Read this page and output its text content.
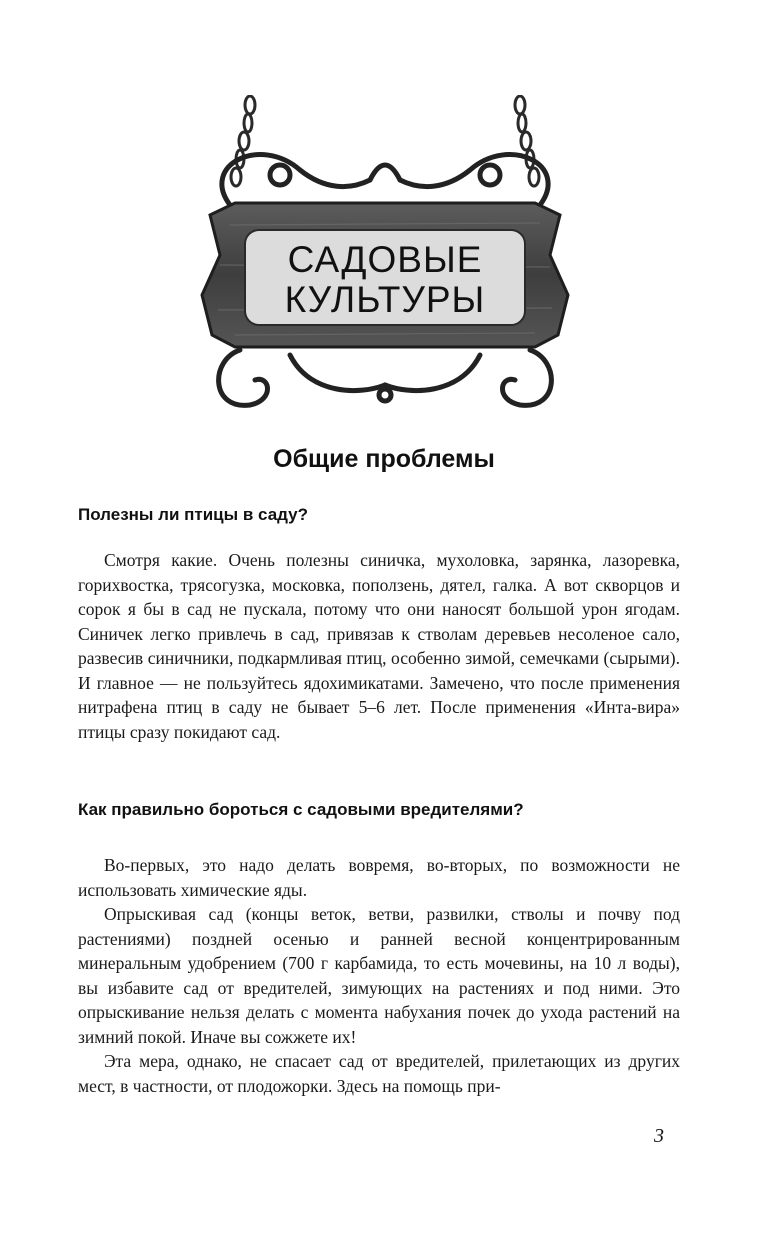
САДОВЫЕ
КУЛЬТУРЫ
Общие проблемы
Полезны ли птицы в саду?

Смотря какие. Очень полезны синичка, мухоловка, зарянка, лазоревка, горихвостка, трясогузка, московка, поползень, дятел, галка. А вот скворцов и сорок я бы в сад не пускала, потому что они наносят большой урон ягодам. Синичек легко привлечь в сад, привязав к стволам деревьев несоленое сало, развесив синичники, подкармливая птиц, особенно зимой, семечками (сырыми). И главное — не пользуйтесь ядохимикатами. Замечено, что после применения нитрафена птиц в саду не бывает 5–6 лет. После применения «Инта-вира» птицы сразу покидают сад.

Как правильно бороться с садовыми вредителями?

Во-первых, это надо делать вовремя, во-вторых, по возможности не использовать химические яды.

Опрыскивая сад (концы веток, ветви, развилки, стволы и почву под растениями) поздней осенью и ранней весной концентрированным минеральным удобрением (700 г карбамида, то есть мочевины, на 10 л воды), вы избавите сад от вредителей, зимующих на растениях и под ними. Это опрыскивание нельзя делать с момента набухания почек до ухода растений на зимний покой. Иначе вы сожжете их!

Эта мера, однако, не спасает сад от вредителей, прилетающих из других мест, в частности, от плодожорки. Здесь на помощь при-

3
